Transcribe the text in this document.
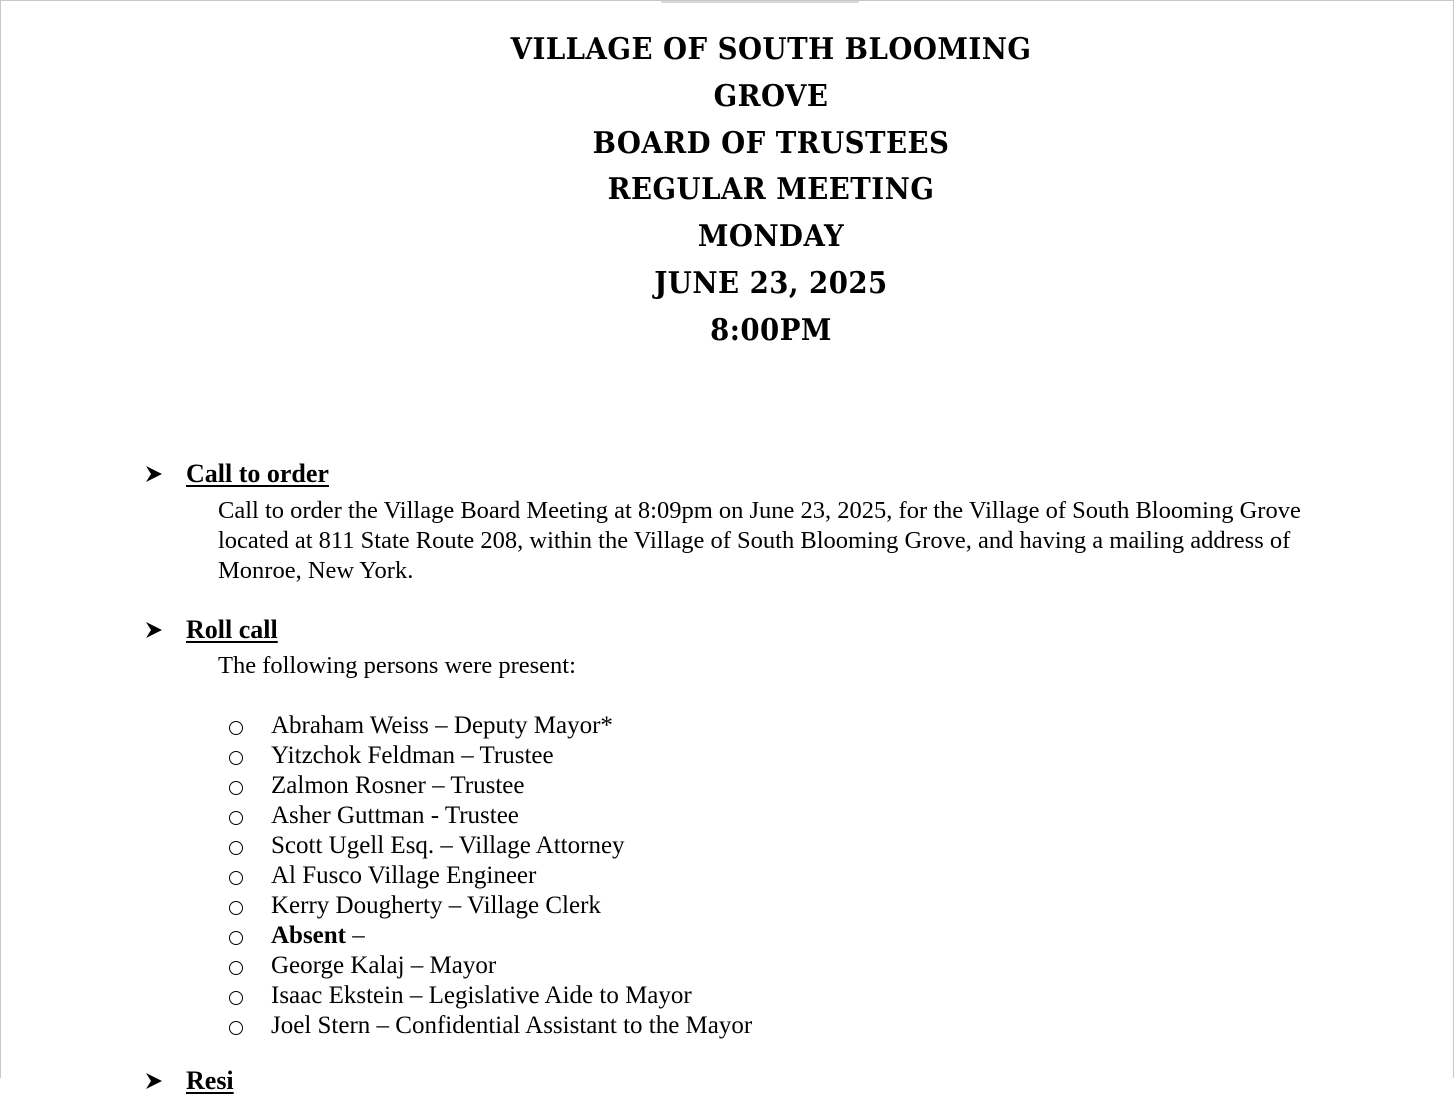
VILLAGE OF SOUTH BLOOMING
GROVE
BOARD OF TRUSTEES
REGULAR MEETING
MONDAY
JUNE 23, 2025
8:00PM
Call to order
Call to order the Village Board Meeting at 8:09pm on June 23, 2025, for the Village of South Blooming Grove located at 811 State Route 208, within the Village of South Blooming Grove, and having a mailing address of Monroe, New York.
Roll call
The following persons were present:
Abraham Weiss – Deputy Mayor*
Yitzchok Feldman – Trustee
Zalmon Rosner – Trustee
Asher Guttman - Trustee
Scott Ugell Esq. – Village Attorney
Al Fusco Village Engineer
Kerry Dougherty – Village Clerk
Absent –
George Kalaj – Mayor
Isaac Ekstein – Legislative Aide to Mayor
Joel Stern – Confidential Assistant to the Mayor
Resi
